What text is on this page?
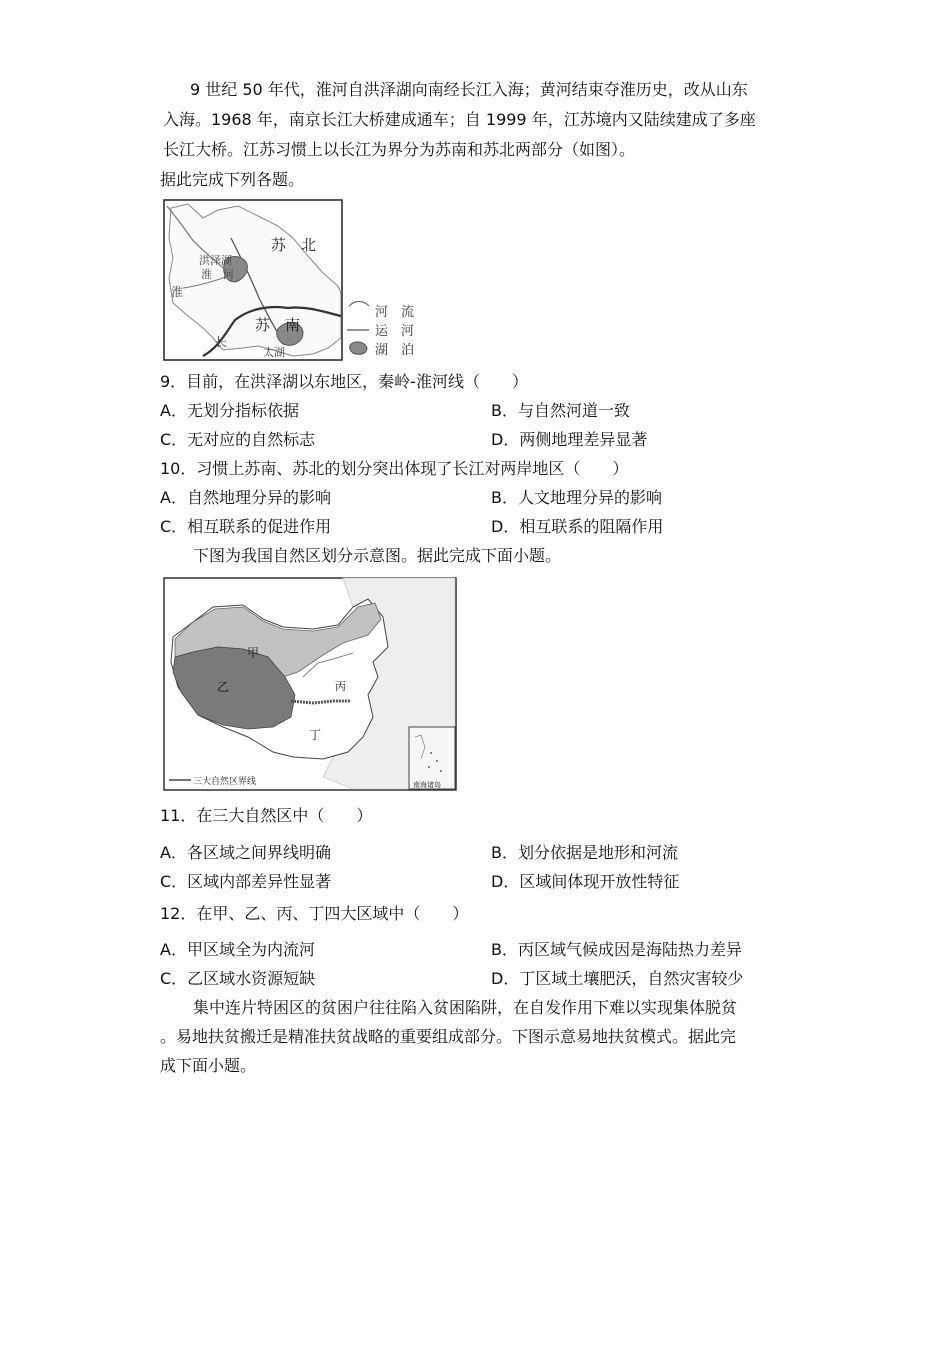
9 世纪 50 年代，淮河自洪泽湖向南经长江入海；黄河结束夺淮历史，改从山东
入海。1968 年，南京长江大桥建成通车；自 1999 年，江苏境内又陆续建成了多座
长江大桥。江苏习惯上以长江为界分为苏南和苏北两部分（如图）。
据此完成下列各题。
苏　北
苏　南
洪泽湖
淮　河
淮
长
太湖
河 流
运 河
湖 泊
9．目前，在洪泽湖以东地区，秦岭-淮河线（　　）
A．无划分指标依据	B．与自然河道一致
C．无对应的自然标志	D．两侧地理差异显著
10．习惯上苏南、苏北的划分突出体现了长江对两岸地区（　　）
A．自然地理分异的影响	B．人文地理分异的影响
C．相互联系的促进作用	D．相互联系的阻隔作用
下图为我国自然区划分示意图。据此完成下面小题。
甲
乙	丙
丁
三大自然区界线	南海诸岛
11．在三大自然区中（　　）
A．各区域之间界线明确	B．划分依据是地形和河流
C．区域内部差异性显著	D．区域间体现开放性特征
12．在甲、乙、丙、丁四大区域中（　　）
A．甲区域全为内流河	B．丙区域气候成因是海陆热力差异
C．乙区域水资源短缺	D．丁区域土壤肥沃，自然灾害较少
集中连片特困区的贫困户往往陷入贫困陷阱，在自发作用下难以实现集体脱贫
。易地扶贫搬迁是精准扶贫战略的重要组成部分。下图示意易地扶贫模式。据此完
成下面小题。
